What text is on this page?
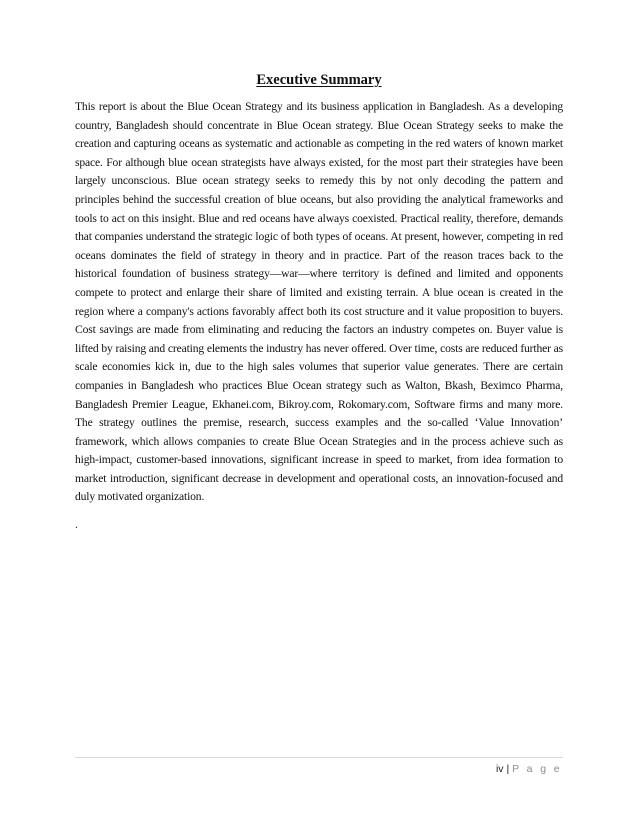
Executive Summary

This report is about the Blue Ocean Strategy and its business application in Bangladesh. As a developing country, Bangladesh should concentrate in Blue Ocean strategy. Blue Ocean Strategy seeks to make the creation and capturing oceans as systematic and actionable as competing in the red waters of known market space. For although blue ocean strategists have always existed, for the most part their strategies have been largely unconscious. Blue ocean strategy seeks to remedy this by not only decoding the pattern and principles behind the successful creation of blue oceans, but also providing the analytical frameworks and tools to act on this insight. Blue and red oceans have always coexisted. Practical reality, therefore, demands that companies understand the strategic logic of both types of oceans. At present, however, competing in red oceans dominates the field of strategy in theory and in practice. Part of the reason traces back to the historical foundation of business strategy—war—where territory is defined and limited and opponents compete to protect and enlarge their share of limited and existing terrain. A blue ocean is created in the region where a company's actions favorably affect both its cost structure and it value proposition to buyers. Cost savings are made from eliminating and reducing the factors an industry competes on. Buyer value is lifted by raising and creating elements the industry has never offered. Over time, costs are reduced further as scale economies kick in, due to the high sales volumes that superior value generates. There are certain companies in Bangladesh who practices Blue Ocean strategy such as Walton, Bkash, Beximco Pharma, Bangladesh Premier League, Ekhanei.com, Bikroy.com, Rokomary.com, Software firms and many more. The strategy outlines the premise, research, success examples and the so-called ‘Value Innovation’ framework, which allows companies to create Blue Ocean Strategies and in the process achieve such as high-impact, customer-based innovations, significant increase in speed to market, from idea formation to market introduction, significant decrease in development and operational costs, an innovation-focused and duly motivated organization.

.

iv | P a g e
